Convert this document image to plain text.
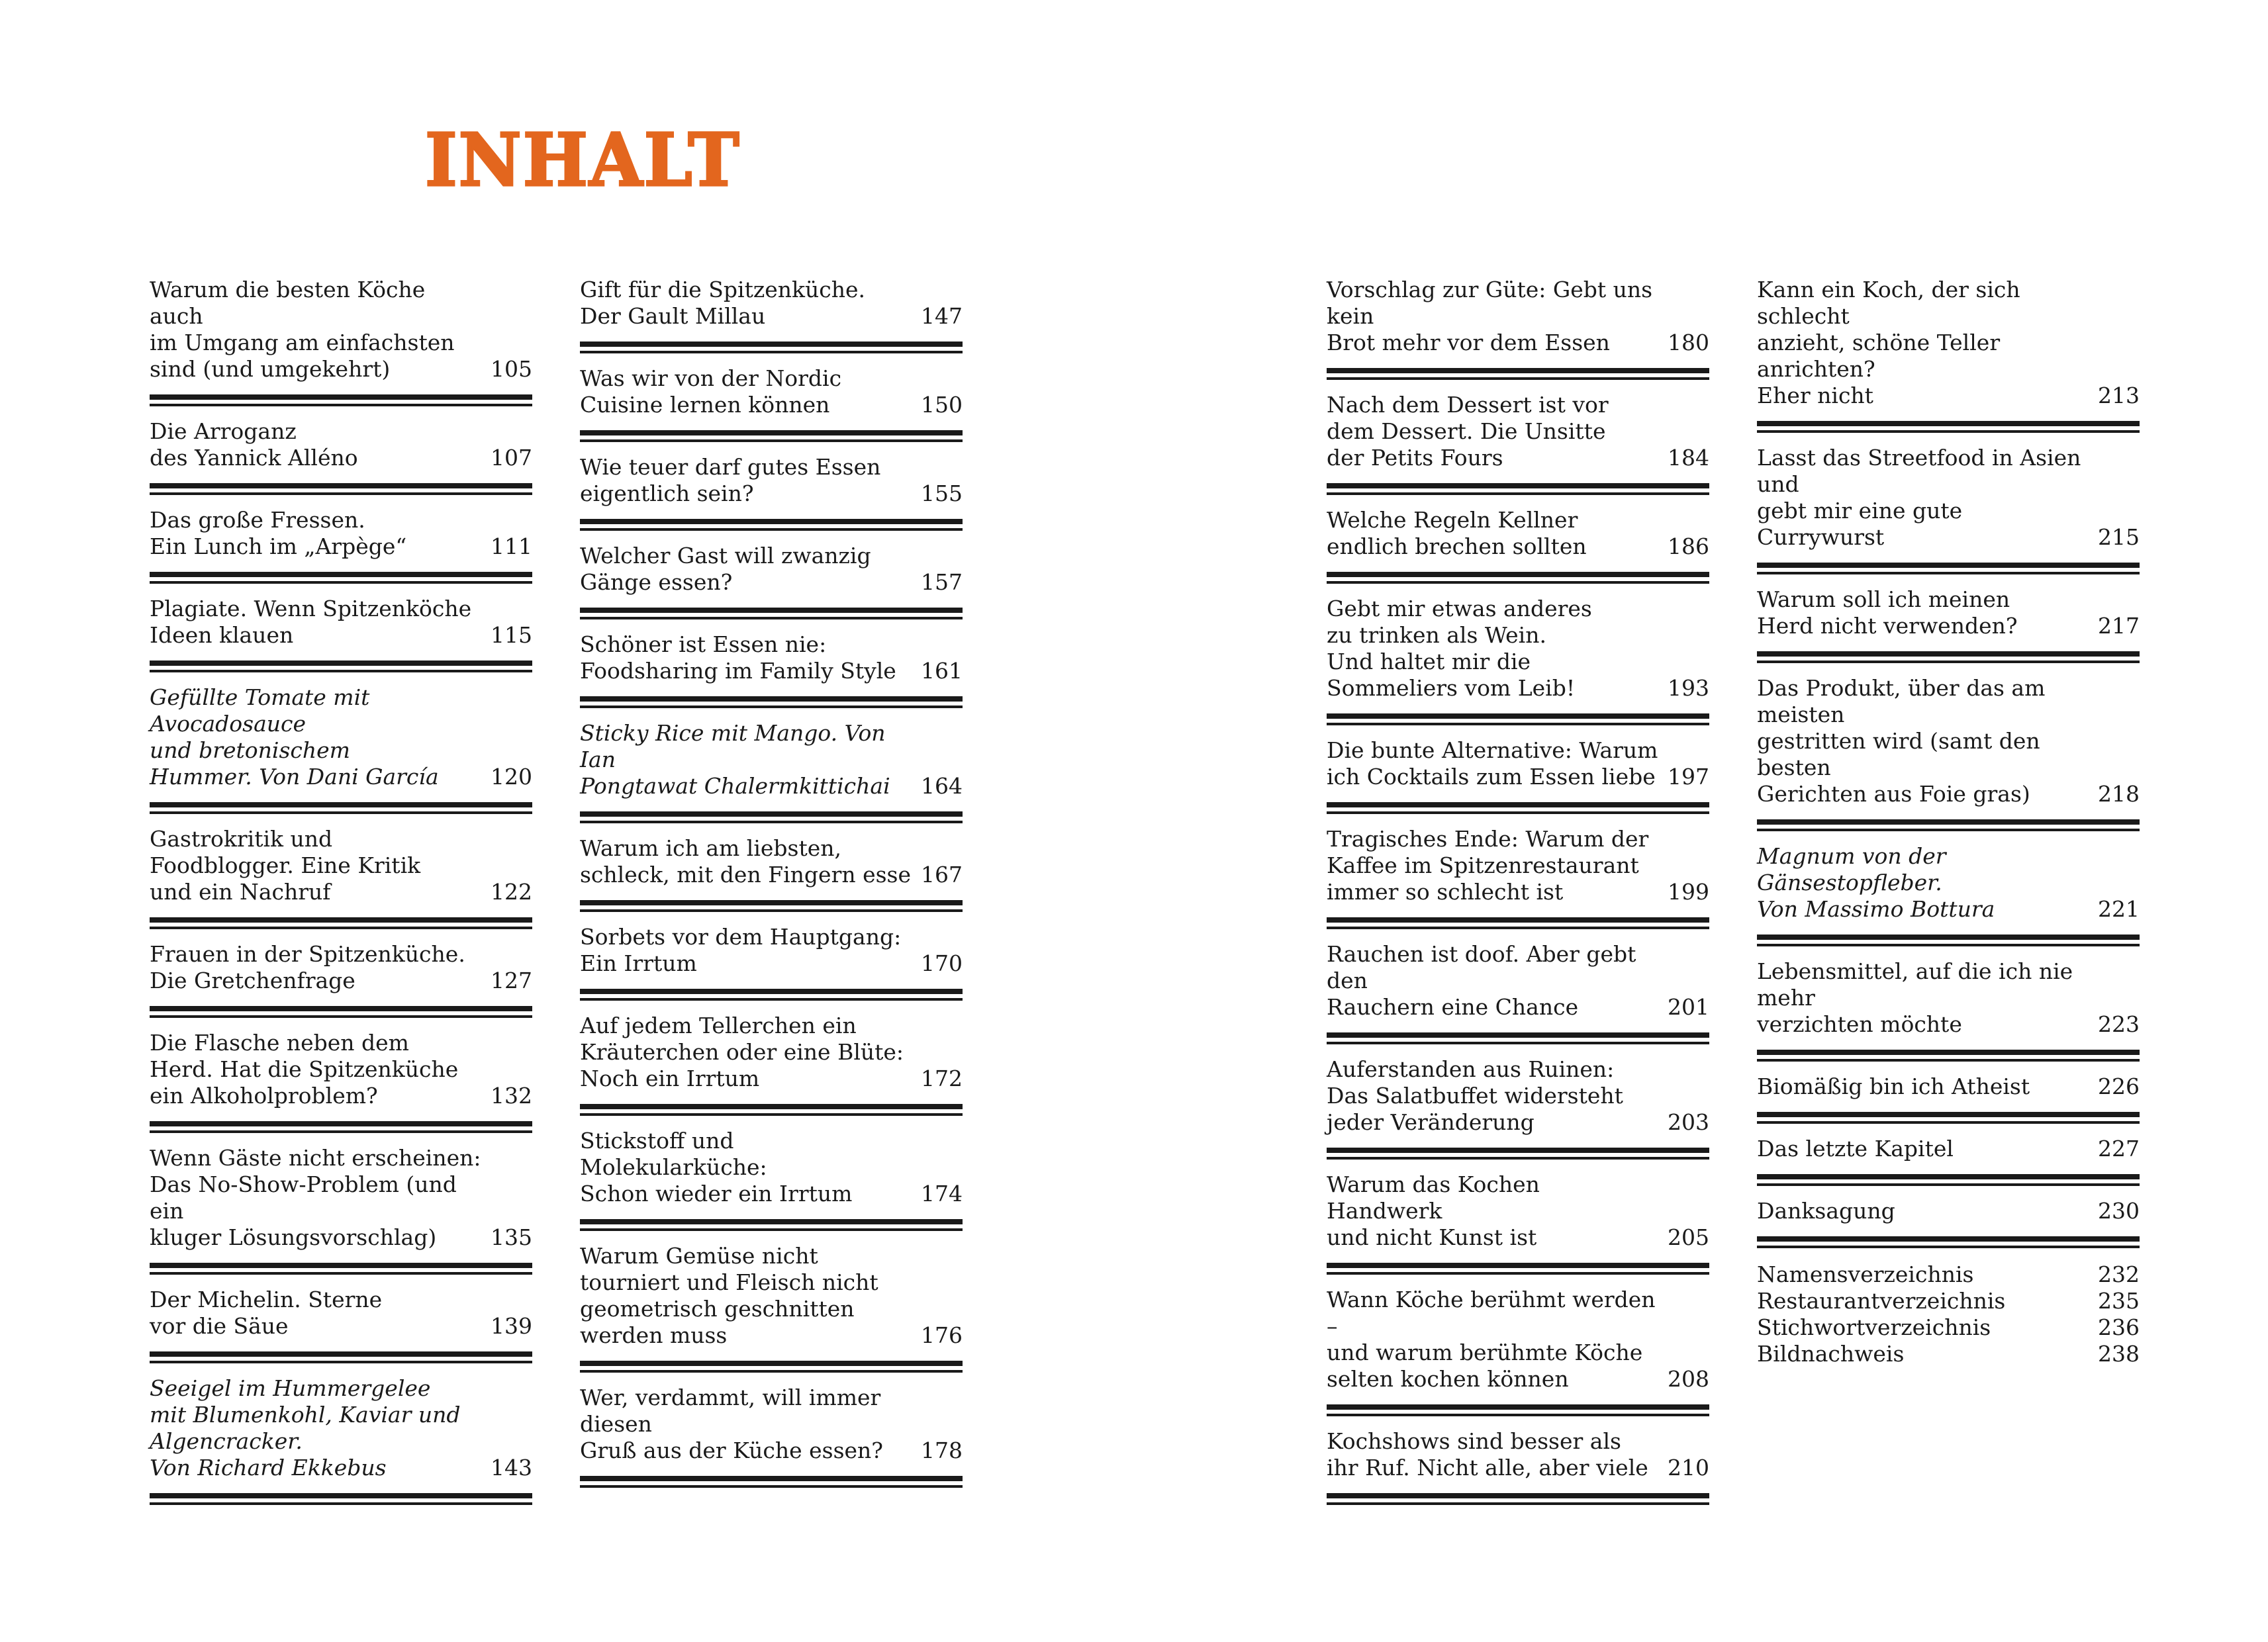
INHALT
Warum die besten Köche auch
im Umgang am einfachsten
sind (und umgekehrt)	105
Die Arroganz
des Yannick Alléno	107
Das große Fressen.
Ein Lunch im „Arpège“	111
Plagiate. Wenn Spitzenköche
Ideen klauen	115
Gefüllte Tomate mit Avocadosauce
und bretonischem
Hummer. Von Dani García	120
Gastrokritik und
Foodblogger. Eine Kritik
und ein Nachruf	122
Frauen in der Spitzenküche.
Die Gretchenfrage	127
Die Flasche neben dem
Herd. Hat die Spitzenküche
ein Alkoholproblem?	132
Wenn Gäste nicht erscheinen:
Das No-Show-Problem (und ein
kluger Lösungsvorschlag)	135
Der Michelin. Sterne
vor die Säue	139
Seeigel im Hummergelee
mit Blumenkohl, Kaviar und
Algencracker.
Von Richard Ekkebus	143
Gift für die Spitzenküche.
Der Gault Millau	147
Was wir von der Nordic
Cuisine lernen können	150
Wie teuer darf gutes Essen
eigentlich sein?	155
Welcher Gast will zwanzig
Gänge essen?	157
Schöner ist Essen nie:
Foodsharing im Family Style	161
Sticky Rice mit Mango. Von Ian
Pongtawat Chalermkittichai	164
Warum ich am liebsten,
schleck, mit den Fingern esse 167
Sorbets vor dem Hauptgang:
Ein Irrtum	170
Auf jedem Tellerchen ein
Kräuterchen oder eine Blüte:
Noch ein Irrtum	172
Stickstoff und Molekularküche:
Schon wieder ein Irrtum	174
Warum Gemüse nicht
tourniert und Fleisch nicht
geometrisch geschnitten
werden muss	176
Wer, verdammt, will immer diesen
Gruß aus der Küche essen?	178
Vorschlag zur Güte: Gebt uns kein
Brot mehr vor dem Essen	180
Nach dem Dessert ist vor
dem Dessert. Die Unsitte
der Petits Fours	184
Welche Regeln Kellner
endlich brechen sollten	186
Gebt mir etwas anderes
zu trinken als Wein.
Und haltet mir die
Sommeliers vom Leib!	193
Die bunte Alternative: Warum
ich Cocktails zum Essen liebe 197
Tragisches Ende: Warum der
Kaffee im Spitzenrestaurant
immer so schlecht ist	199
Rauchen ist doof. Aber gebt den
Rauchern eine Chance	201
Auferstanden aus Ruinen:
Das Salatbuffet widersteht
jeder Veränderung	203
Warum das Kochen Handwerk
und nicht Kunst ist	205
Wann Köche berühmt werden –
und warum berühmte Köche
selten kochen können	208
Kochshows sind besser als
ihr Ruf. Nicht alle, aber viele 210
Kann ein Koch, der sich schlecht
anzieht, schöne Teller anrichten?
Eher nicht	213
Lasst das Streetfood in Asien und
gebt mir eine gute Currywurst	215
Warum soll ich meinen
Herd nicht verwenden?	217
Das Produkt, über das am meisten
gestritten wird (samt den besten
Gerichten aus Foie gras)	218
Magnum von der Gänsestopfleber.
Von Massimo Bottura	221
Lebensmittel, auf die ich nie mehr
verzichten möchte	223
Biomäßig bin ich Atheist	226
Das letzte Kapitel	227
Danksagung	230
Namensverzeichnis	232
Restaurantverzeichnis	235
Stichwortverzeichnis	236
Bildnachweis	238
